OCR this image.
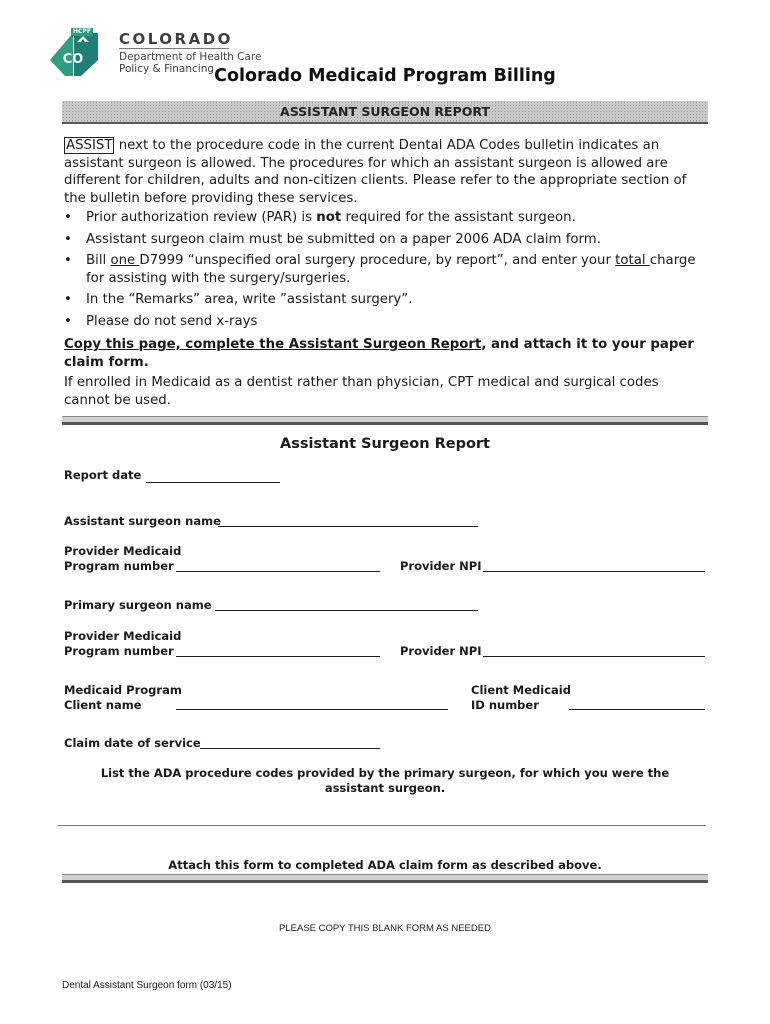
CO
HCPF COLORADO
Department of Health Care
Policy & Financing Colorado Medicaid Program Billing
ASSISTANT SURGEON REPORT
ASSIST next to the procedure code in the current Dental ADA Codes bulletin indicates an assistant surgeon is allowed. The procedures for which an assistant surgeon is allowed are different for children, adults and non-citizen clients. Please refer to the appropriate section of the bulletin before providing these services.
• Prior authorization review (PAR) is not required for the assistant surgeon.
• Assistant surgeon claim must be submitted on a paper 2006 ADA claim form.
• Bill one D7999 “unspecified oral surgery procedure, by report”, and enter your total charge for assisting with the surgery/surgeries.
• In the “Remarks” area, write ”assistant surgery”.
• Please do not send x-rays
Copy this page, complete the Assistant Surgeon Report, and attach it to your paper claim form.
If enrolled in Medicaid as a dentist rather than physician, CPT medical and surgical codes cannot be used.
Assistant Surgeon Report
Report date
Assistant surgeon name
Provider Medicaid
Program number	Provider NPI
Primary surgeon name
Provider Medicaid
Program number	Provider NPI
Medicaid Program
Client name
Client Medicaid
ID number
Claim date of service
List the ADA procedure codes provided by the primary surgeon, for which you were the assistant surgeon.
Attach this form to completed ADA claim form as described above.
PLEASE COPY THIS BLANK FORM AS NEEDED
Dental Assistant Surgeon form (03/15)
